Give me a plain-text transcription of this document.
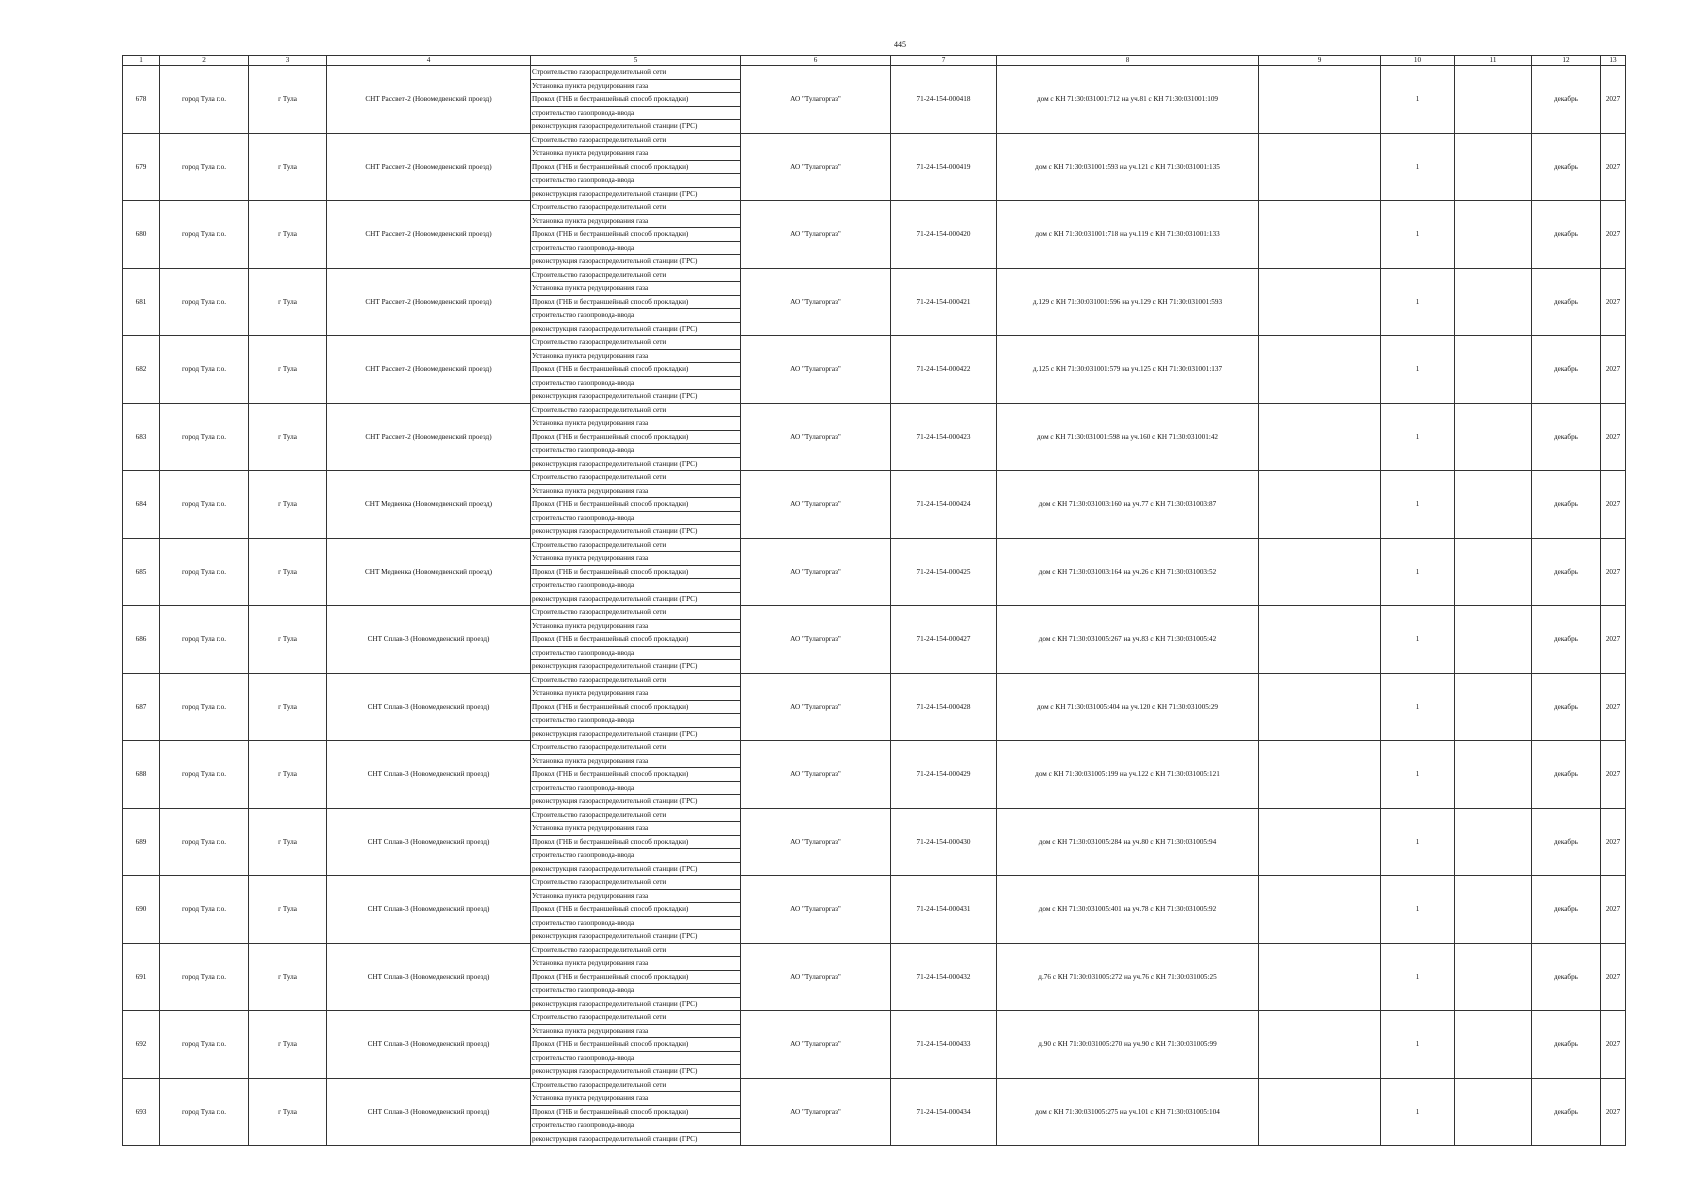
445
1	2	3	4	5	6	7	8	9	10	11	12	13
678	город Тула г.о.	г Тула	СНТ Рассвет-2 (Новомедвенский проезд)	Строительство газораспределительной сети	АО "Тулагоргаз"	71-24-154-000418	дом с КН 71:30:031001:712 на уч.81 с КН 71:30:031001:109		1		декабрь	2027
				Установка пункта редуцирования газа								
				Прокол (ГНБ и бестраншейный способ прокладки)								
				строительство газопровода-ввода								
				реконструкция газораспределительной станции (ГРС)								
679	город Тула г.о.	г Тула	СНТ Рассвет-2 (Новомедвенский проезд)	Строительство газораспределительной сети	АО "Тулагоргаз"	71-24-154-000419	дом с КН 71:30:031001:593 на уч.121 с КН 71:30:031001:135		1		декабрь	2027
				Установка пункта редуцирования газа								
				Прокол (ГНБ и бестраншейный способ прокладки)								
				строительство газопровода-ввода								
				реконструкция газораспределительной станции (ГРС)								
680	город Тула г.о.	г Тула	СНТ Рассвет-2 (Новомедвенский проезд)	Строительство газораспределительной сети	АО "Тулагоргаз"	71-24-154-000420	дом с КН 71:30:031001:718 на уч.119 с КН 71:30:031001:133		1		декабрь	2027
				Установка пункта редуцирования газа								
				Прокол (ГНБ и бестраншейный способ прокладки)								
				строительство газопровода-ввода								
				реконструкция газораспределительной станции (ГРС)								
681	город Тула г.о.	г Тула	СНТ Рассвет-2 (Новомедвенский проезд)	Строительство газораспределительной сети	АО "Тулагоргаз"	71-24-154-000421	д.129 с КН 71:30:031001:596 на уч.129 с КН 71:30:031001:593		1		декабрь	2027
				Установка пункта редуцирования газа								
				Прокол (ГНБ и бестраншейный способ прокладки)								
				строительство газопровода-ввода								
				реконструкция газораспределительной станции (ГРС)								
682	город Тула г.о.	г Тула	СНТ Рассвет-2 (Новомедвенский проезд)	Строительство газораспределительной сети	АО "Тулагоргаз"	71-24-154-000422	д.125 с КН 71:30:031001:579 на уч.125 с КН 71:30:031001:137		1		декабрь	2027
				Установка пункта редуцирования газа								
				Прокол (ГНБ и бестраншейный способ прокладки)								
				строительство газопровода-ввода								
				реконструкция газораспределительной станции (ГРС)								
683	город Тула г.о.	г Тула	СНТ Рассвет-2 (Новомедвенский проезд)	Строительство газораспределительной сети	АО "Тулагоргаз"	71-24-154-000423	дом с КН 71:30:031001:598 на уч.160 с КН 71:30:031001:42		1		декабрь	2027
				Установка пункта редуцирования газа								
				Прокол (ГНБ и бестраншейный способ прокладки)								
				строительство газопровода-ввода								
				реконструкция газораспределительной станции (ГРС)								
684	город Тула г.о.	г Тула	СНТ Медвенка (Новомедвенский проезд)	Строительство газораспределительной сети	АО "Тулагоргаз"	71-24-154-000424	дом с КН 71:30:031003:160 на уч.77 с КН 71:30:031003:87		1		декабрь	2027
				Установка пункта редуцирования газа								
				Прокол (ГНБ и бестраншейный способ прокладки)								
				строительство газопровода-ввода								
				реконструкция газораспределительной станции (ГРС)								
685	город Тула г.о.	г Тула	СНТ Медвенка (Новомедвенский проезд)	Строительство газораспределительной сети	АО "Тулагоргаз"	71-24-154-000425	дом с КН 71:30:031003:164 на уч.26 с КН 71:30:031003:52		1		декабрь	2027
				Установка пункта редуцирования газа								
				Прокол (ГНБ и бестраншейный способ прокладки)								
				строительство газопровода-ввода								
				реконструкция газораспределительной станции (ГРС)								
686	город Тула г.о.	г Тула	СНТ Сплав-3 (Новомедвенский проезд)	Строительство газораспределительной сети	АО "Тулагоргаз"	71-24-154-000427	дом с КН 71:30:031005:267 на уч.83 с КН 71:30:031005:42		1		декабрь	2027
				Установка пункта редуцирования газа								
				Прокол (ГНБ и бестраншейный способ прокладки)								
				строительство газопровода-ввода								
				реконструкция газораспределительной станции (ГРС)								
687	город Тула г.о.	г Тула	СНТ Сплав-3 (Новомедвенский проезд)	Строительство газораспределительной сети	АО "Тулагоргаз"	71-24-154-000428	дом с КН 71:30:031005:404 на уч.120 с КН 71:30:031005:29		1		декабрь	2027
				Установка пункта редуцирования газа								
				Прокол (ГНБ и бестраншейный способ прокладки)								
				строительство газопровода-ввода								
				реконструкция газораспределительной станции (ГРС)								
688	город Тула г.о.	г Тула	СНТ Сплав-3 (Новомедвенский проезд)	Строительство газораспределительной сети	АО "Тулагоргаз"	71-24-154-000429	дом с КН 71:30:031005:199 на уч.122 с КН 71:30:031005:121		1		декабрь	2027
				Установка пункта редуцирования газа								
				Прокол (ГНБ и бестраншейный способ прокладки)								
				строительство газопровода-ввода								
				реконструкция газораспределительной станции (ГРС)								
689	город Тула г.о.	г Тула	СНТ Сплав-3 (Новомедвенский проезд)	Строительство газораспределительной сети	АО "Тулагоргаз"	71-24-154-000430	дом с КН 71:30:031005:284 на уч.80 с КН 71:30:031005:94		1		декабрь	2027
				Установка пункта редуцирования газа								
				Прокол (ГНБ и бестраншейный способ прокладки)								
				строительство газопровода-ввода								
				реконструкция газораспределительной станции (ГРС)								
690	город Тула г.о.	г Тула	СНТ Сплав-3 (Новомедвенский проезд)	Строительство газораспределительной сети	АО "Тулагоргаз"	71-24-154-000431	дом с КН 71:30:031005:401 на уч.78 с КН 71:30:031005:92		1		декабрь	2027
				Установка пункта редуцирования газа								
				Прокол (ГНБ и бестраншейный способ прокладки)								
				строительство газопровода-ввода								
				реконструкция газораспределительной станции (ГРС)								
691	город Тула г.о.	г Тула	СНТ Сплав-3 (Новомедвенский проезд)	Строительство газораспределительной сети	АО "Тулагоргаз"	71-24-154-000432	д.76 с КН 71:30:031005:272 на уч.76 с КН 71:30:031005:25		1		декабрь	2027
				Установка пункта редуцирования газа								
				Прокол (ГНБ и бестраншейный способ прокладки)								
				строительство газопровода-ввода								
				реконструкция газораспределительной станции (ГРС)								
692	город Тула г.о.	г Тула	СНТ Сплав-3 (Новомедвенский проезд)	Строительство газораспределительной сети	АО "Тулагоргаз"	71-24-154-000433	д.90 с КН 71:30:031005:270 на уч.90 с КН 71:30:031005:99		1		декабрь	2027
				Установка пункта редуцирования газа								
				Прокол (ГНБ и бестраншейный способ прокладки)								
				строительство газопровода-ввода								
				реконструкция газораспределительной станции (ГРС)								
693	город Тула г.о.	г Тула	СНТ Сплав-3 (Новомедвенский проезд)	Строительство газораспределительной сети	АО "Тулагоргаз"	71-24-154-000434	дом с КН 71:30:031005:275 на уч.101 с КН 71:30:031005:104		1		декабрь	2027
				Установка пункта редуцирования газа								
				Прокол (ГНБ и бестраншейный способ прокладки)								
				строительство газопровода-ввода								
				реконструкция газораспределительной станции (ГРС)								
